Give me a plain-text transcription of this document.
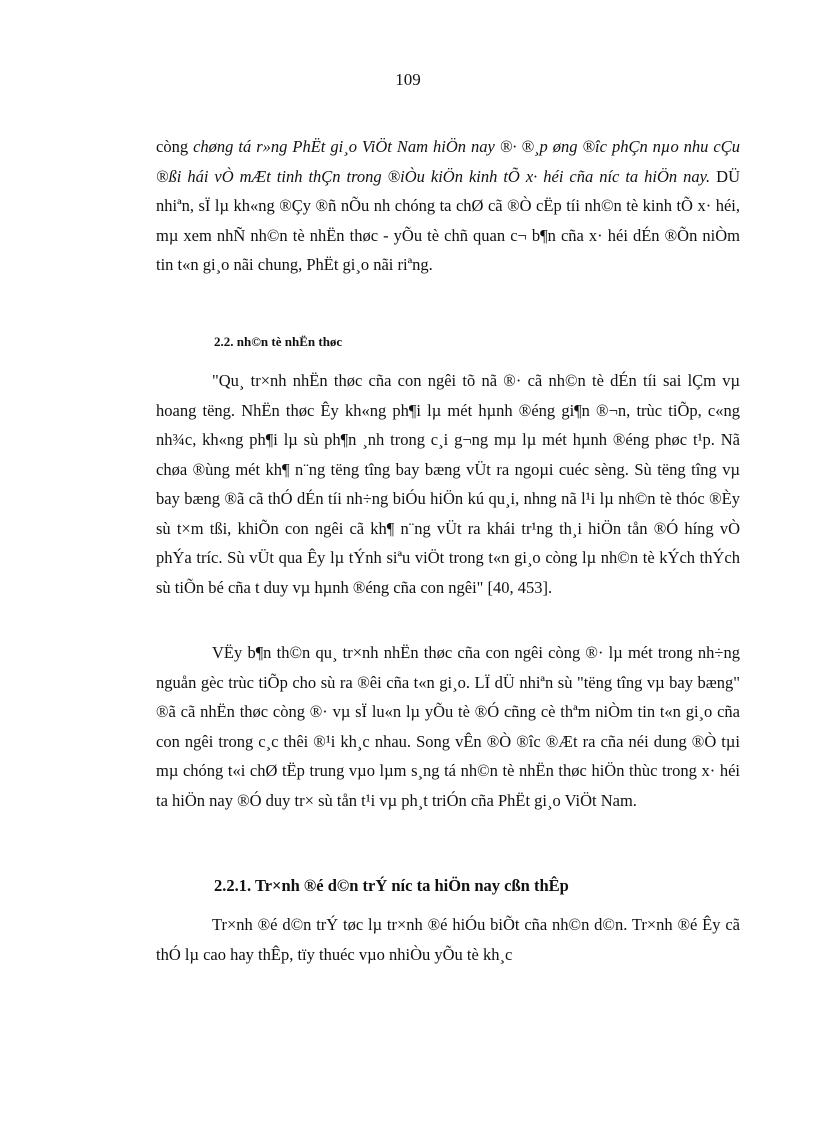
109

còng chøng tá r»ng PhËt gi¸o ViÖt Nam hiÖn nay ®· ®¸p øng ®îc phÇn nµo nhu cÇu ®ßi hái vÒ mÆt tinh thÇn trong ®iÒu kiÖn kinh tÕ x· héi cña níc ta hiÖn nay. DÜ nhiªn, sÏ lµ kh«ng ®Çy ®ñ nÕu nh chóng ta chØ cã ®Ò cËp tíi nh©n tè kinh tÕ x· héi, mµ xem nhÑ nh©n tè nhËn thøc - yÕu tè chñ quan c¬ b¶n cña x· héi dÉn ®Õn niÒm tin t«n gi¸o nãi chung, PhËt gi¸o nãi riªng.

2.2. nh©n tè nhËn thøc

"Qu¸ tr×nh nhËn thøc cña con ngêi tõ nã ®· cã nh©n tè dÉn tíi sai lÇm vµ hoang tëng. NhËn thøc Êy kh«ng ph¶i lµ mét hµnh ®éng gi¶n ®¬n, trùc tiÕp, c«ng nh¾c, kh«ng ph¶i lµ sù ph¶n ¸nh trong c¸i g¬ng mµ lµ mét hµnh ®éng phøc t¹p. Nã chøa ®ùng mét kh¶ n¨ng tëng tîng bay bæng vÜt ra ngoµi cuéc sèng. Sù tëng tîng vµ bay bæng ®ã cã thÓ dÉn tíi nh÷ng biÓu hiÖn kú qu¸i, nhng nã l¹i lµ nh©n tè thóc ®Èy sù t×m tßi, khiÕn con ngêi cã kh¶ n¨ng vÜt ra khái tr¹ng th¸i hiÖn tån ®Ó híng vÒ phÝa tríc. Sù vÜt qua Êy lµ tÝnh siªu viÖt trong t«n gi¸o còng lµ nh©n tè kÝch thÝch sù tiÕn bé cña t duy vµ hµnh ®éng cña con ngêi" [40, 453].

VËy b¶n th©n qu¸ tr×nh nhËn thøc cña con ngêi còng ®· lµ mét trong nh÷ng nguån gèc trùc tiÕp cho sù ra ®êi cña t«n gi¸o. LÏ dÜ nhiªn sù "tëng tîng vµ bay bæng" ®ã cã nhËn thøc còng ®· vµ sÏ lu«n lµ yÕu tè ®Ó cñng cè thªm niÒm tin t«n gi¸o cña con ngêi trong c¸c thêi ®¹i kh¸c nhau. Song vÊn ®Ò ®îc ®Æt ra cña néi dung ®Ò tµi mµ chóng t«i chØ tËp trung vµo lµm s¸ng tá nh©n tè nhËn thøc hiÖn thùc trong x· héi ta hiÖn nay ®Ó duy tr× sù tån t¹i vµ ph¸t triÓn cña PhËt gi¸o ViÖt Nam.

2.2.1. Tr×nh ®é d©n trÝ níc ta hiÖn nay cßn thÊp

Tr×nh ®é d©n trÝ tøc lµ tr×nh ®é hiÓu biÕt cña nh©n d©n. Tr×nh ®é Êy cã thÓ lµ cao hay thÊp, tïy thuéc vµo nhiÒu yÕu tè kh¸c
